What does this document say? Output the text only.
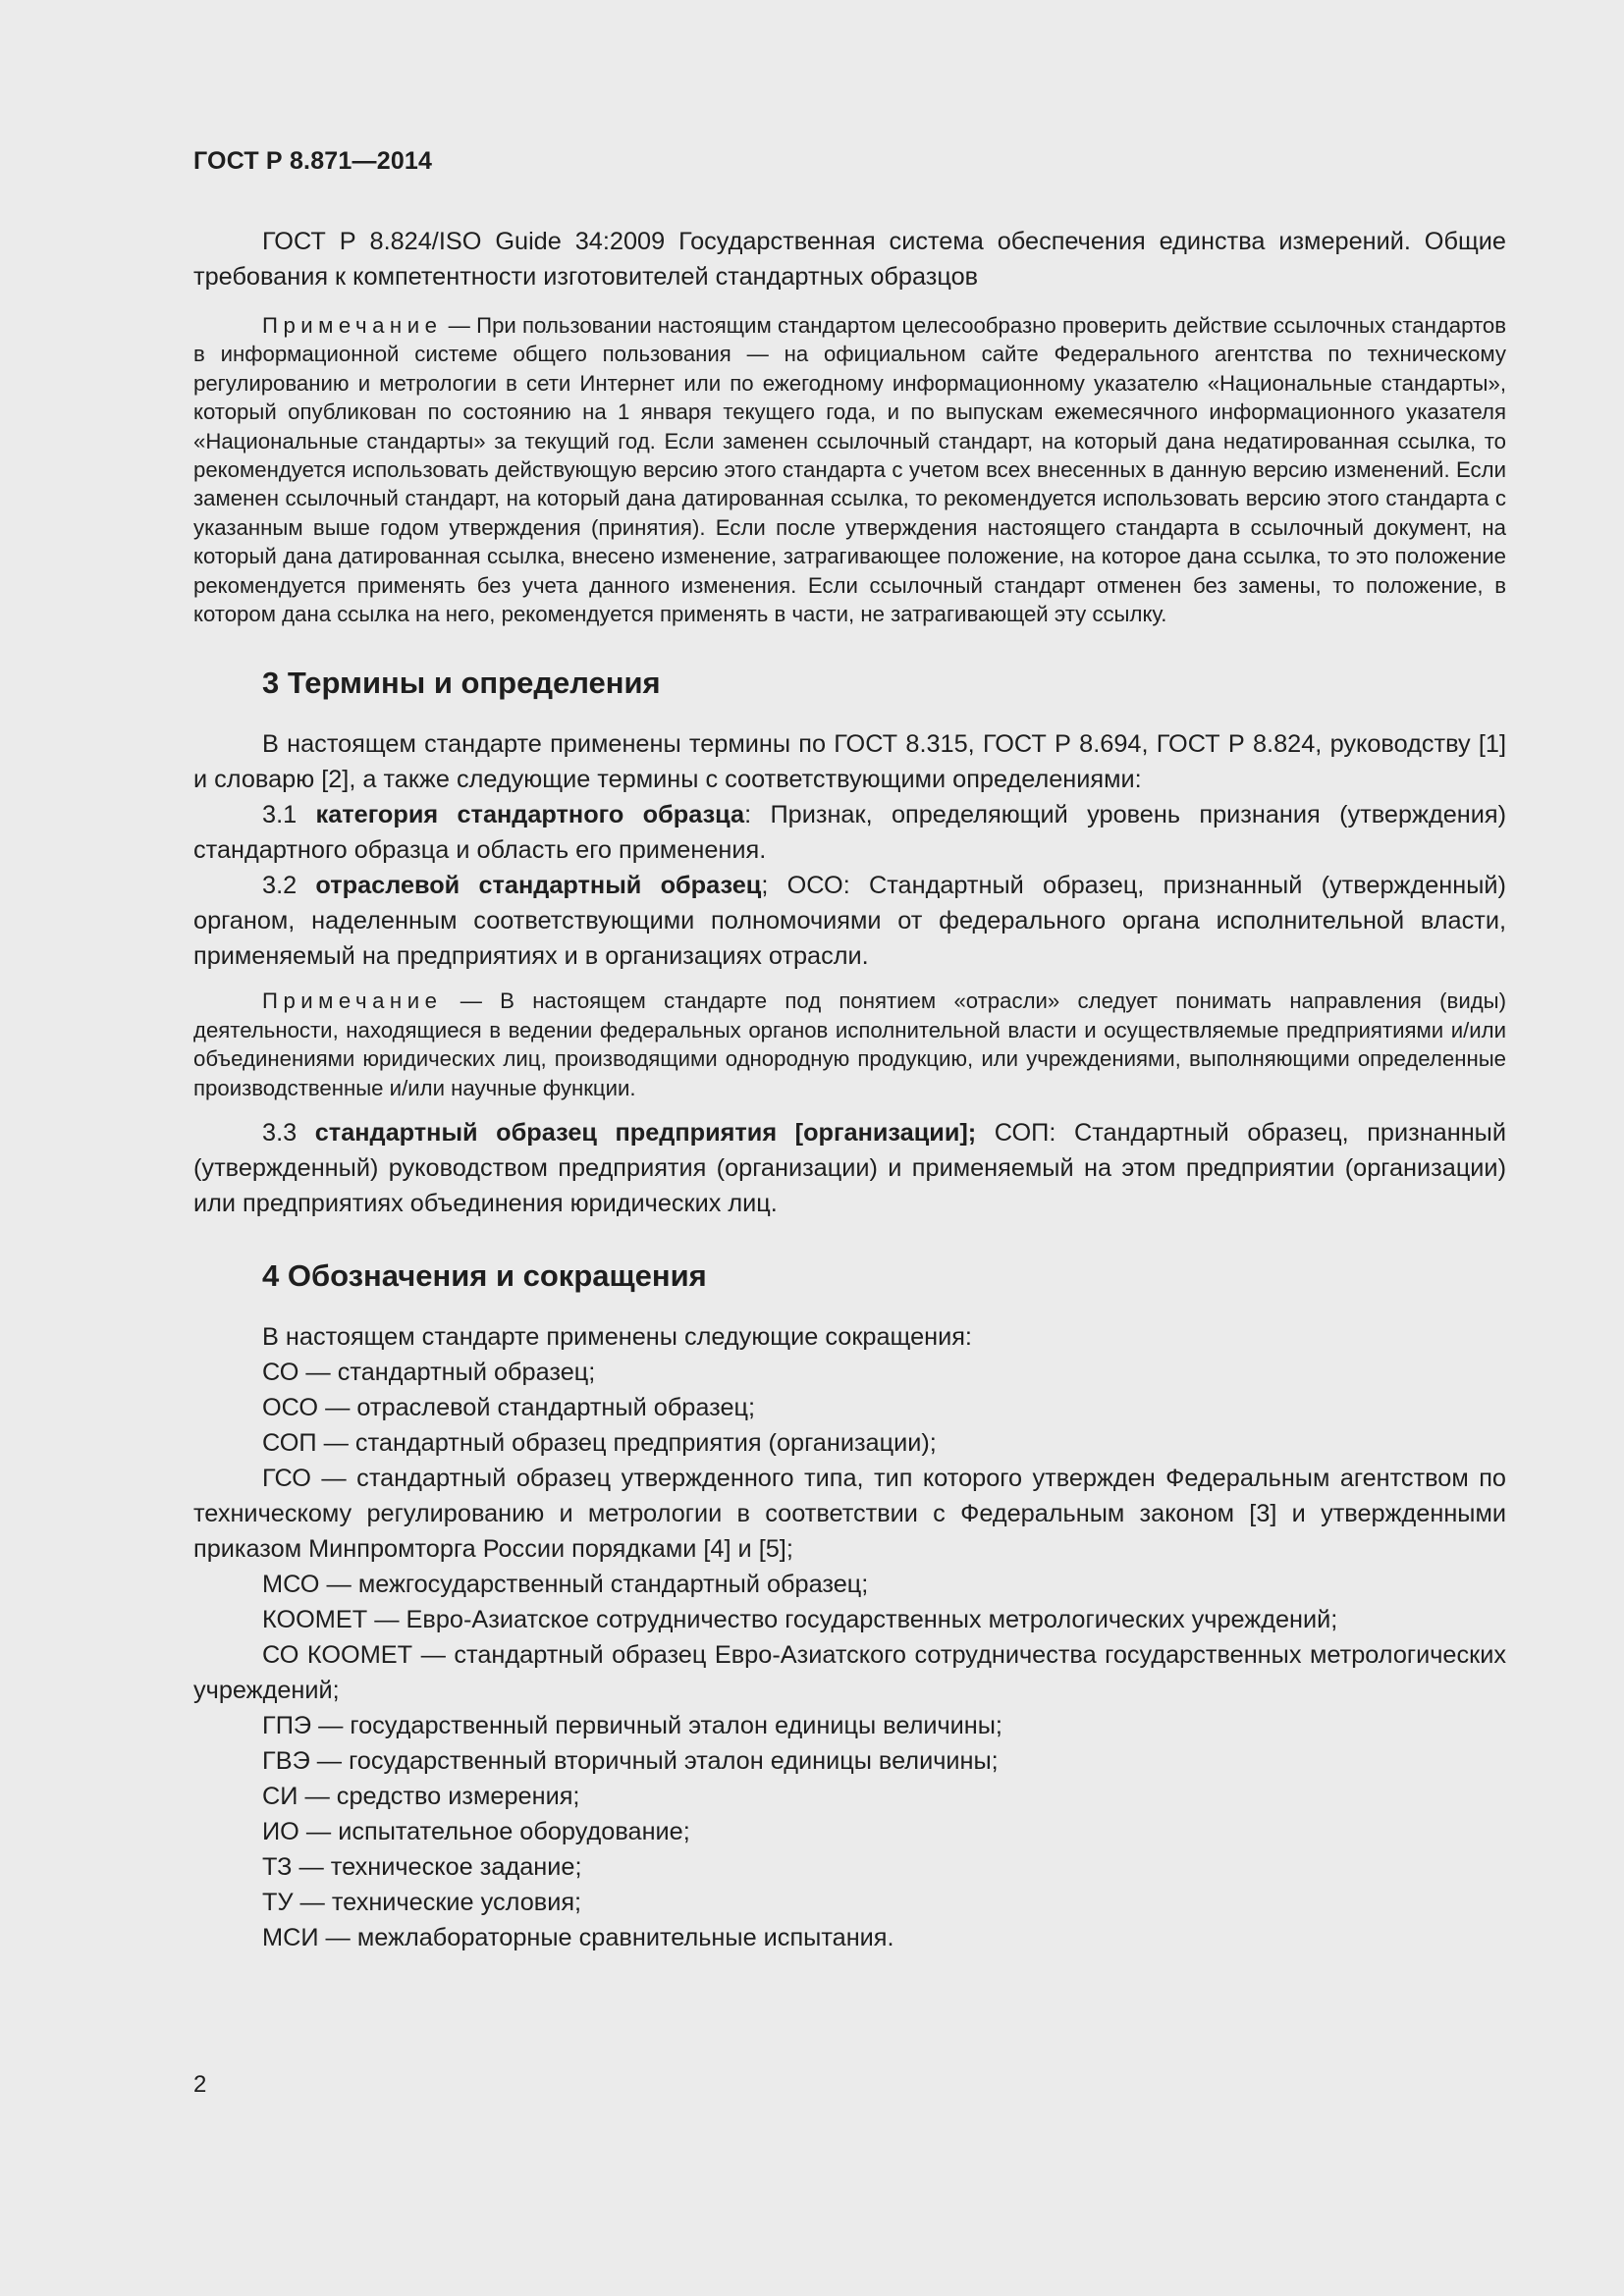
ГОСТ Р 8.871—2014

ГОСТ Р 8.824/ISO Guide 34:2009 Государственная система обеспечения единства измерений. Общие требования к компетентности изготовителей стандартных образцов

Примечание — При пользовании настоящим стандартом целесообразно проверить действие ссылочных стандартов в информационной системе общего пользования — на официальном сайте Федерального агентства по техническому регулированию и метрологии в сети Интернет или по ежегодному информационному указателю «Национальные стандарты», который опубликован по состоянию на 1 января текущего года, и по выпускам ежемесячного информационного указателя «Национальные стандарты» за текущий год. Если заменен ссылочный стандарт, на который дана недатированная ссылка, то рекомендуется использовать действующую версию этого стандарта с учетом всех внесенных в данную версию изменений. Если заменен ссылочный стандарт, на который дана датированная ссылка, то рекомендуется использовать версию этого стандарта с указанным выше годом утверждения (принятия). Если после утверждения настоящего стандарта в ссылочный документ, на который дана датированная ссылка, внесено изменение, затрагивающее положение, на которое дана ссылка, то это положение рекомендуется применять без учета данного изменения. Если ссылочный стандарт отменен без замены, то положение, в котором дана ссылка на него, рекомендуется применять в части, не затрагивающей эту ссылку.

3 Термины и определения

В настоящем стандарте применены термины по ГОСТ 8.315, ГОСТ Р 8.694, ГОСТ Р 8.824, руководству [1] и словарю [2], а также следующие термины с соответствующими определениями:

3.1 категория стандартного образца: Признак, определяющий уровень признания (утверждения) стандартного образца и область его применения.

3.2 отраслевой стандартный образец; ОСО: Стандартный образец, признанный (утвержденный) органом, наделенным соответствующими полномочиями от федерального органа исполнительной власти, применяемый на предприятиях и в организациях отрасли.

Примечание — В настоящем стандарте под понятием «отрасли» следует понимать направления (виды) деятельности, находящиеся в ведении федеральных органов исполнительной власти и осуществляемые предприятиями и/или объединениями юридических лиц, производящими однородную продукцию, или учреждениями, выполняющими определенные производственные и/или научные функции.

3.3 стандартный образец предприятия [организации]; СОП: Стандартный образец, признанный (утвержденный) руководством предприятия (организации) и применяемый на этом предприятии (организации) или предприятиях объединения юридических лиц.

4 Обозначения и сокращения

В настоящем стандарте применены следующие сокращения:

СО — стандартный образец;

ОСО — отраслевой стандартный образец;

СОП — стандартный образец предприятия (организации);

ГСО — стандартный образец утвержденного типа, тип которого утвержден Федеральным агентством по техническому регулированию и метрологии в соответствии с Федеральным законом [3] и утвержденными приказом Минпромторга России порядками [4] и [5];

МСО — межгосударственный стандартный образец;

КООМЕТ — Евро-Азиатское сотрудничество государственных метрологических учреждений;

СО КООМЕТ — стандартный образец Евро-Азиатского сотрудничества государственных метрологических учреждений;

ГПЭ — государственный первичный эталон единицы величины;

ГВЭ — государственный вторичный эталон единицы величины;

СИ — средство измерения;

ИО — испытательное оборудование;

ТЗ — техническое задание;

ТУ — технические условия;

МСИ — межлабораторные сравнительные испытания.

2
